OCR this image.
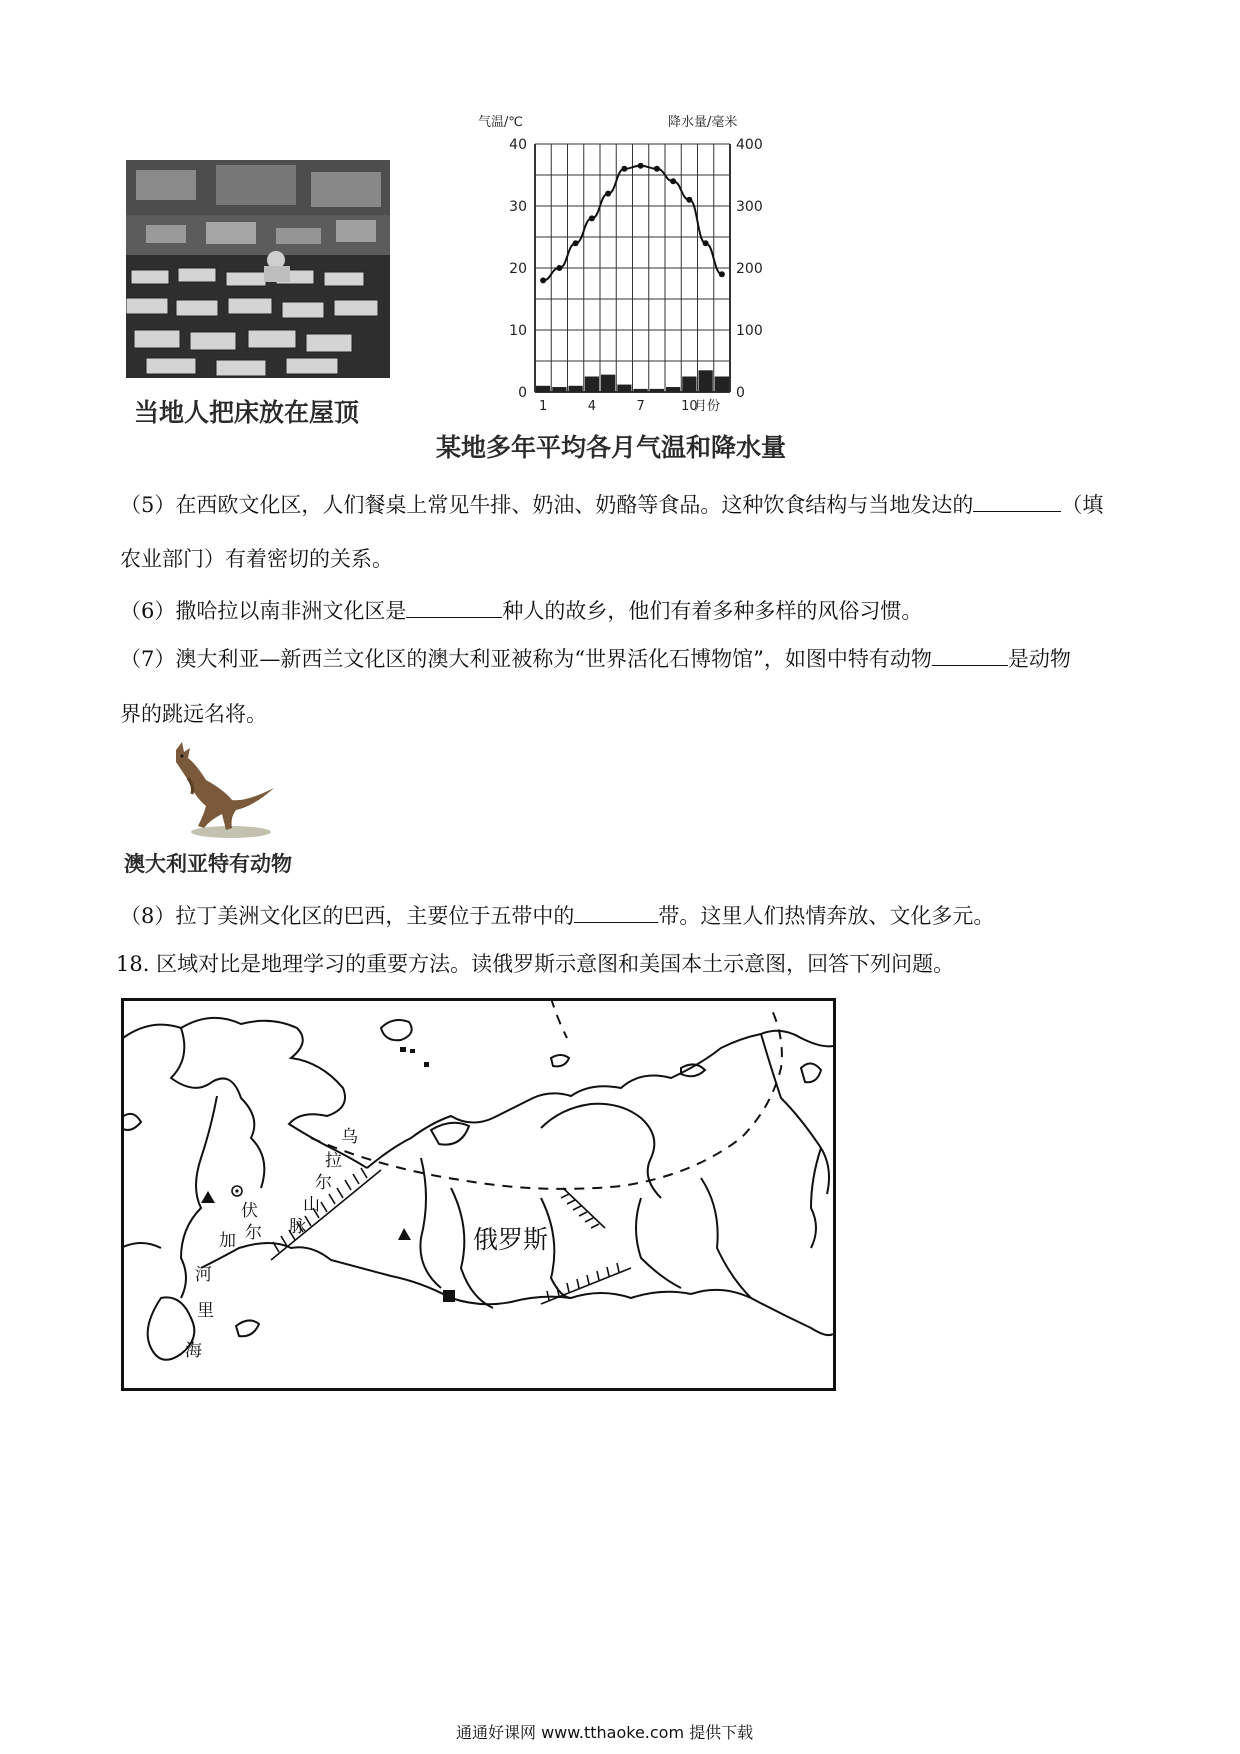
当地人把床放在屋顶
气温/℃	降水量/毫米
月份
0
10
20
30
40
0
100
200
300
400
1	4	7	10
某地多年平均各月气温和降水量
（5）在西欧文化区，人们餐桌上常见牛排、奶油、奶酪等食品。这种饮食结构与当地发达的	（填
农业部门）有着密切的关系。
（6）撒哈拉以南非洲文化区是	种人的故乡，他们有着多种多样的风俗习惯。
（7）澳大利亚—新西兰文化区的澳大利亚被称为“世界活化石博物馆”，如图中特有动物	是动物
界的跳远名将。
澳大利亚特有动物
（8）拉丁美洲文化区的巴西，主要位于五带中的	带。这里人们热情奔放、文化多元。
18. 区域对比是地理学习的重要方法。读俄罗斯示意图和美国本土示意图，回答下列问题。
俄罗斯
伏
尔
加
河
里
海
乌
拉
尔
山
脉
通通好课网 www.tthaoke.com 提供下载
